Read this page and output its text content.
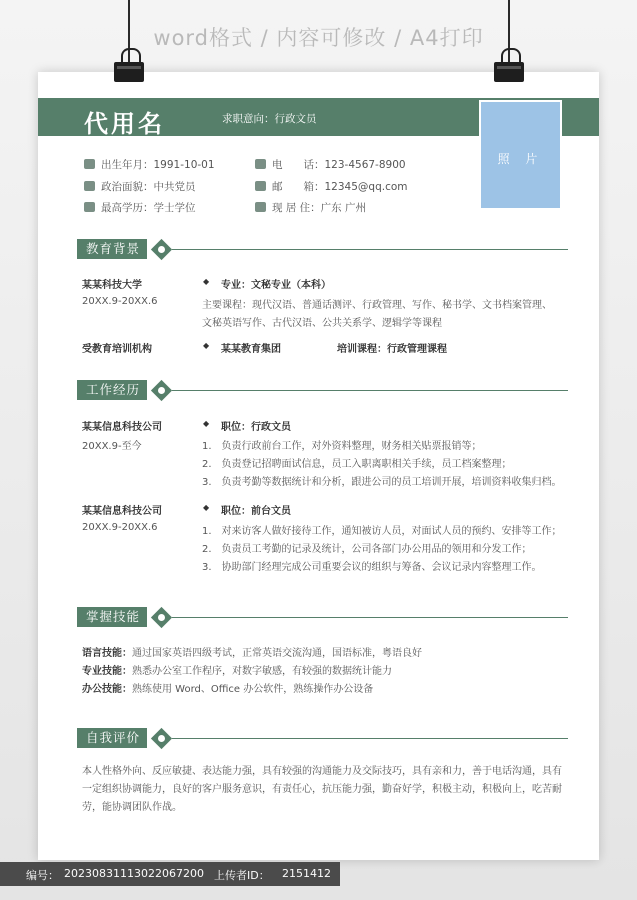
word格式 / 内容可修改 / A4打印
代用名	求职意向：行政文员
照 片
出生年月：1991-10-01
政治面貌：中共党员
最高学历：学士学位
电　　话：123-4567-8900
邮　　箱：12345@qq.com
现 居 住：广东 广州
教育背景
某某科技大学
20XX.9-20XX.6
◆ 专业：文秘专业（本科）
主要课程：现代汉语、普通话测评、行政管理、写作、秘书学、文书档案管理、
文秘英语写作、古代汉语、公共关系学、逻辑学等课程
受教育培训机构	◆ 某某教育集团	培训课程：行政管理课程
工作经历
某某信息科技公司
20XX.9-至今
◆ 职位：行政文员
1.　负责行政前台工作，对外资料整理，财务相关贴票报销等；
2.　负责登记招聘面试信息，员工入职离职相关手续，员工档案整理；
3.　负责考勤等数据统计和分析，跟进公司的员工培训开展，培训资料收集归档。
某某信息科技公司
20XX.9-20XX.6
◆ 职位：前台文员
1.　对来访客人做好接待工作，通知被访人员，对面试人员的预约、安排等工作；
2.　负责员工考勤的记录及统计，公司各部门办公用品的领用和分发工作；
3.　协助部门经理完成公司重要会议的组织与筹备、会议记录内容整理工作。
掌握技能
语言技能：通过国家英语四级考试，正常英语交流沟通，国语标准，粤语良好
专业技能：熟悉办公室工作程序，对数字敏感，有较强的数据统计能力
办公技能：熟练使用 Word、Office 办公软件，熟练操作办公设备
自我评价
本人性格外向、反应敏捷、表达能力强，具有较强的沟通能力及交际技巧，具有亲和力，善于电话沟通，具有一定组织协调能力，良好的客户服务意识，有责任心，抗压能力强，勤奋好学，积极主动，积极向上，吃苦耐劳，能协调团队作战。
编号： 20230831113022067200 上传者ID： 2151412
